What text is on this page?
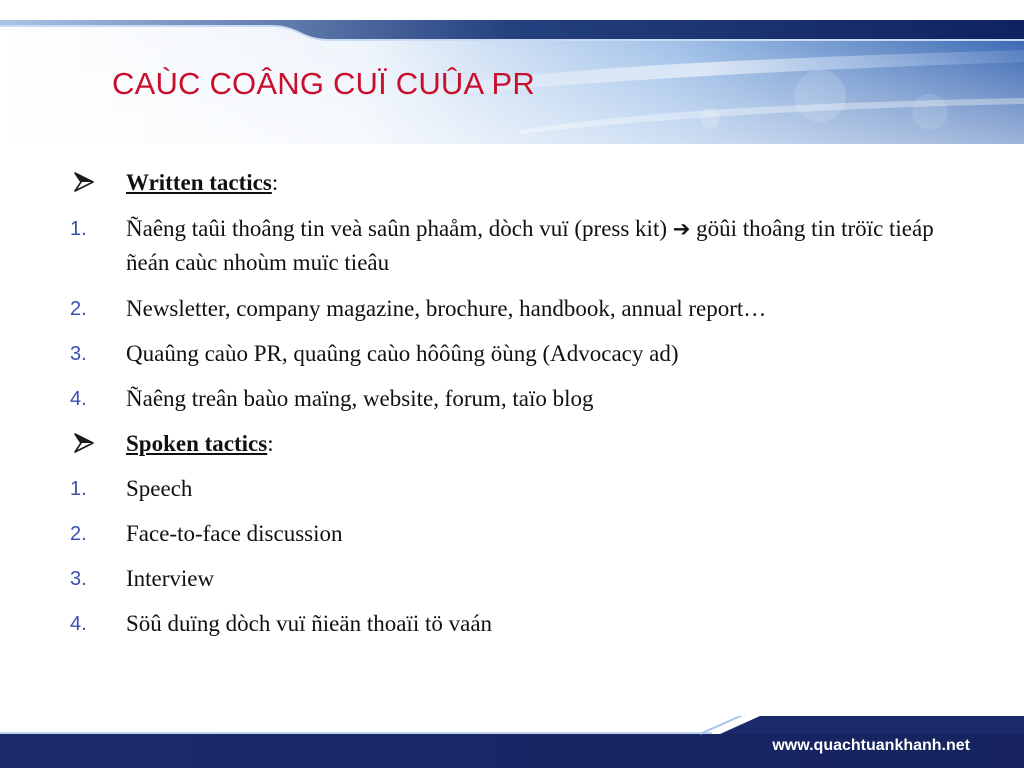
CAÙC COÂNG CUÏ CUÛA PR
Written tactics:
1.	Ñaêng taûi thoâng tin veà saûn phaåm, dòch vuï (press kit) ➔ göûi thoâng tin tröïc tieáp ñeán caùc nhoùm muïc tieâu
2.	Newsletter, company magazine, brochure, handbook, annual report…
3.	Quaûng caùo PR, quaûng caùo hôôûng öùng (Advocacy ad)
4.	Ñaêng treân baùo maïng, website, forum, taïo blog
Spoken tactics:
1.	Speech
2.	Face-to-face discussion
3.	Interview
4.	Söû duïng dòch vuï ñieän thoaïi tö vaán
www.quachtuankhanh.net
